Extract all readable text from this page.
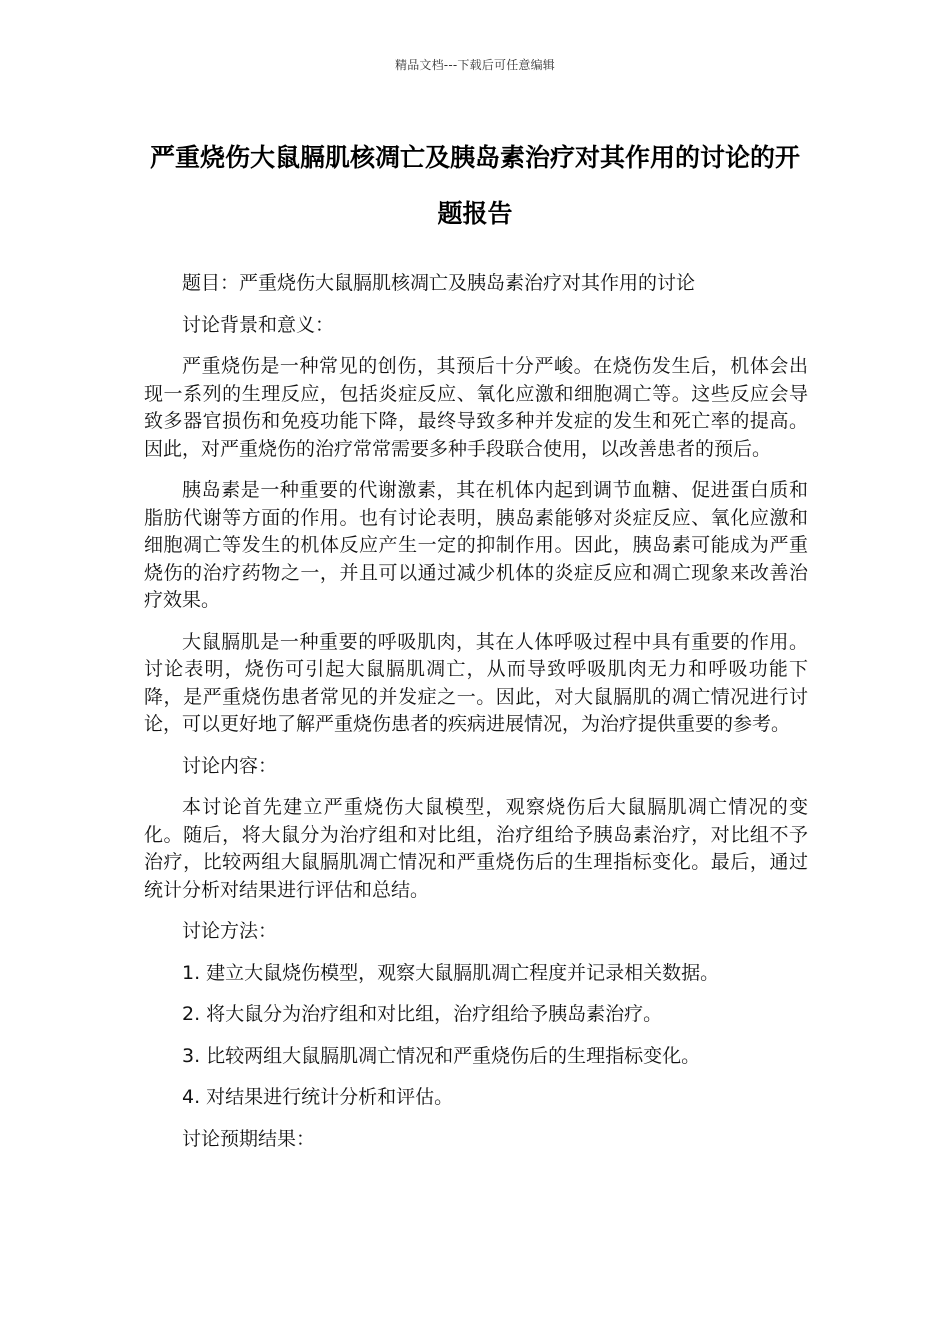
精品文档---下载后可任意编辑
严重烧伤大鼠膈肌核凋亡及胰岛素治疗对其作用的讨论的开题报告
题目：严重烧伤大鼠膈肌核凋亡及胰岛素治疗对其作用的讨论
讨论背景和意义：
严重烧伤是一种常见的创伤，其预后十分严峻。在烧伤发生后，机体会出现一系列的生理反应，包括炎症反应、氧化应激和细胞凋亡等。这些反应会导致多器官损伤和免疫功能下降，最终导致多种并发症的发生和死亡率的提高。因此，对严重烧伤的治疗常常需要多种手段联合使用，以改善患者的预后。
胰岛素是一种重要的代谢激素，其在机体内起到调节血糖、促进蛋白质和脂肪代谢等方面的作用。也有讨论表明，胰岛素能够对炎症反应、氧化应激和细胞凋亡等发生的机体反应产生一定的抑制作用。因此，胰岛素可能成为严重烧伤的治疗药物之一，并且可以通过减少机体的炎症反应和凋亡现象来改善治疗效果。
大鼠膈肌是一种重要的呼吸肌肉，其在人体呼吸过程中具有重要的作用。讨论表明，烧伤可引起大鼠膈肌凋亡，从而导致呼吸肌肉无力和呼吸功能下降，是严重烧伤患者常见的并发症之一。因此，对大鼠膈肌的凋亡情况进行讨论，可以更好地了解严重烧伤患者的疾病进展情况，为治疗提供重要的参考。
讨论内容：
本讨论首先建立严重烧伤大鼠模型，观察烧伤后大鼠膈肌凋亡情况的变化。随后，将大鼠分为治疗组和对比组，治疗组给予胰岛素治疗，对比组不予治疗，比较两组大鼠膈肌凋亡情况和严重烧伤后的生理指标变化。最后，通过统计分析对结果进行评估和总结。
讨论方法：
1. 建立大鼠烧伤模型，观察大鼠膈肌凋亡程度并记录相关数据。
2. 将大鼠分为治疗组和对比组，治疗组给予胰岛素治疗。
3. 比较两组大鼠膈肌凋亡情况和严重烧伤后的生理指标变化。
4. 对结果进行统计分析和评估。
讨论预期结果：
